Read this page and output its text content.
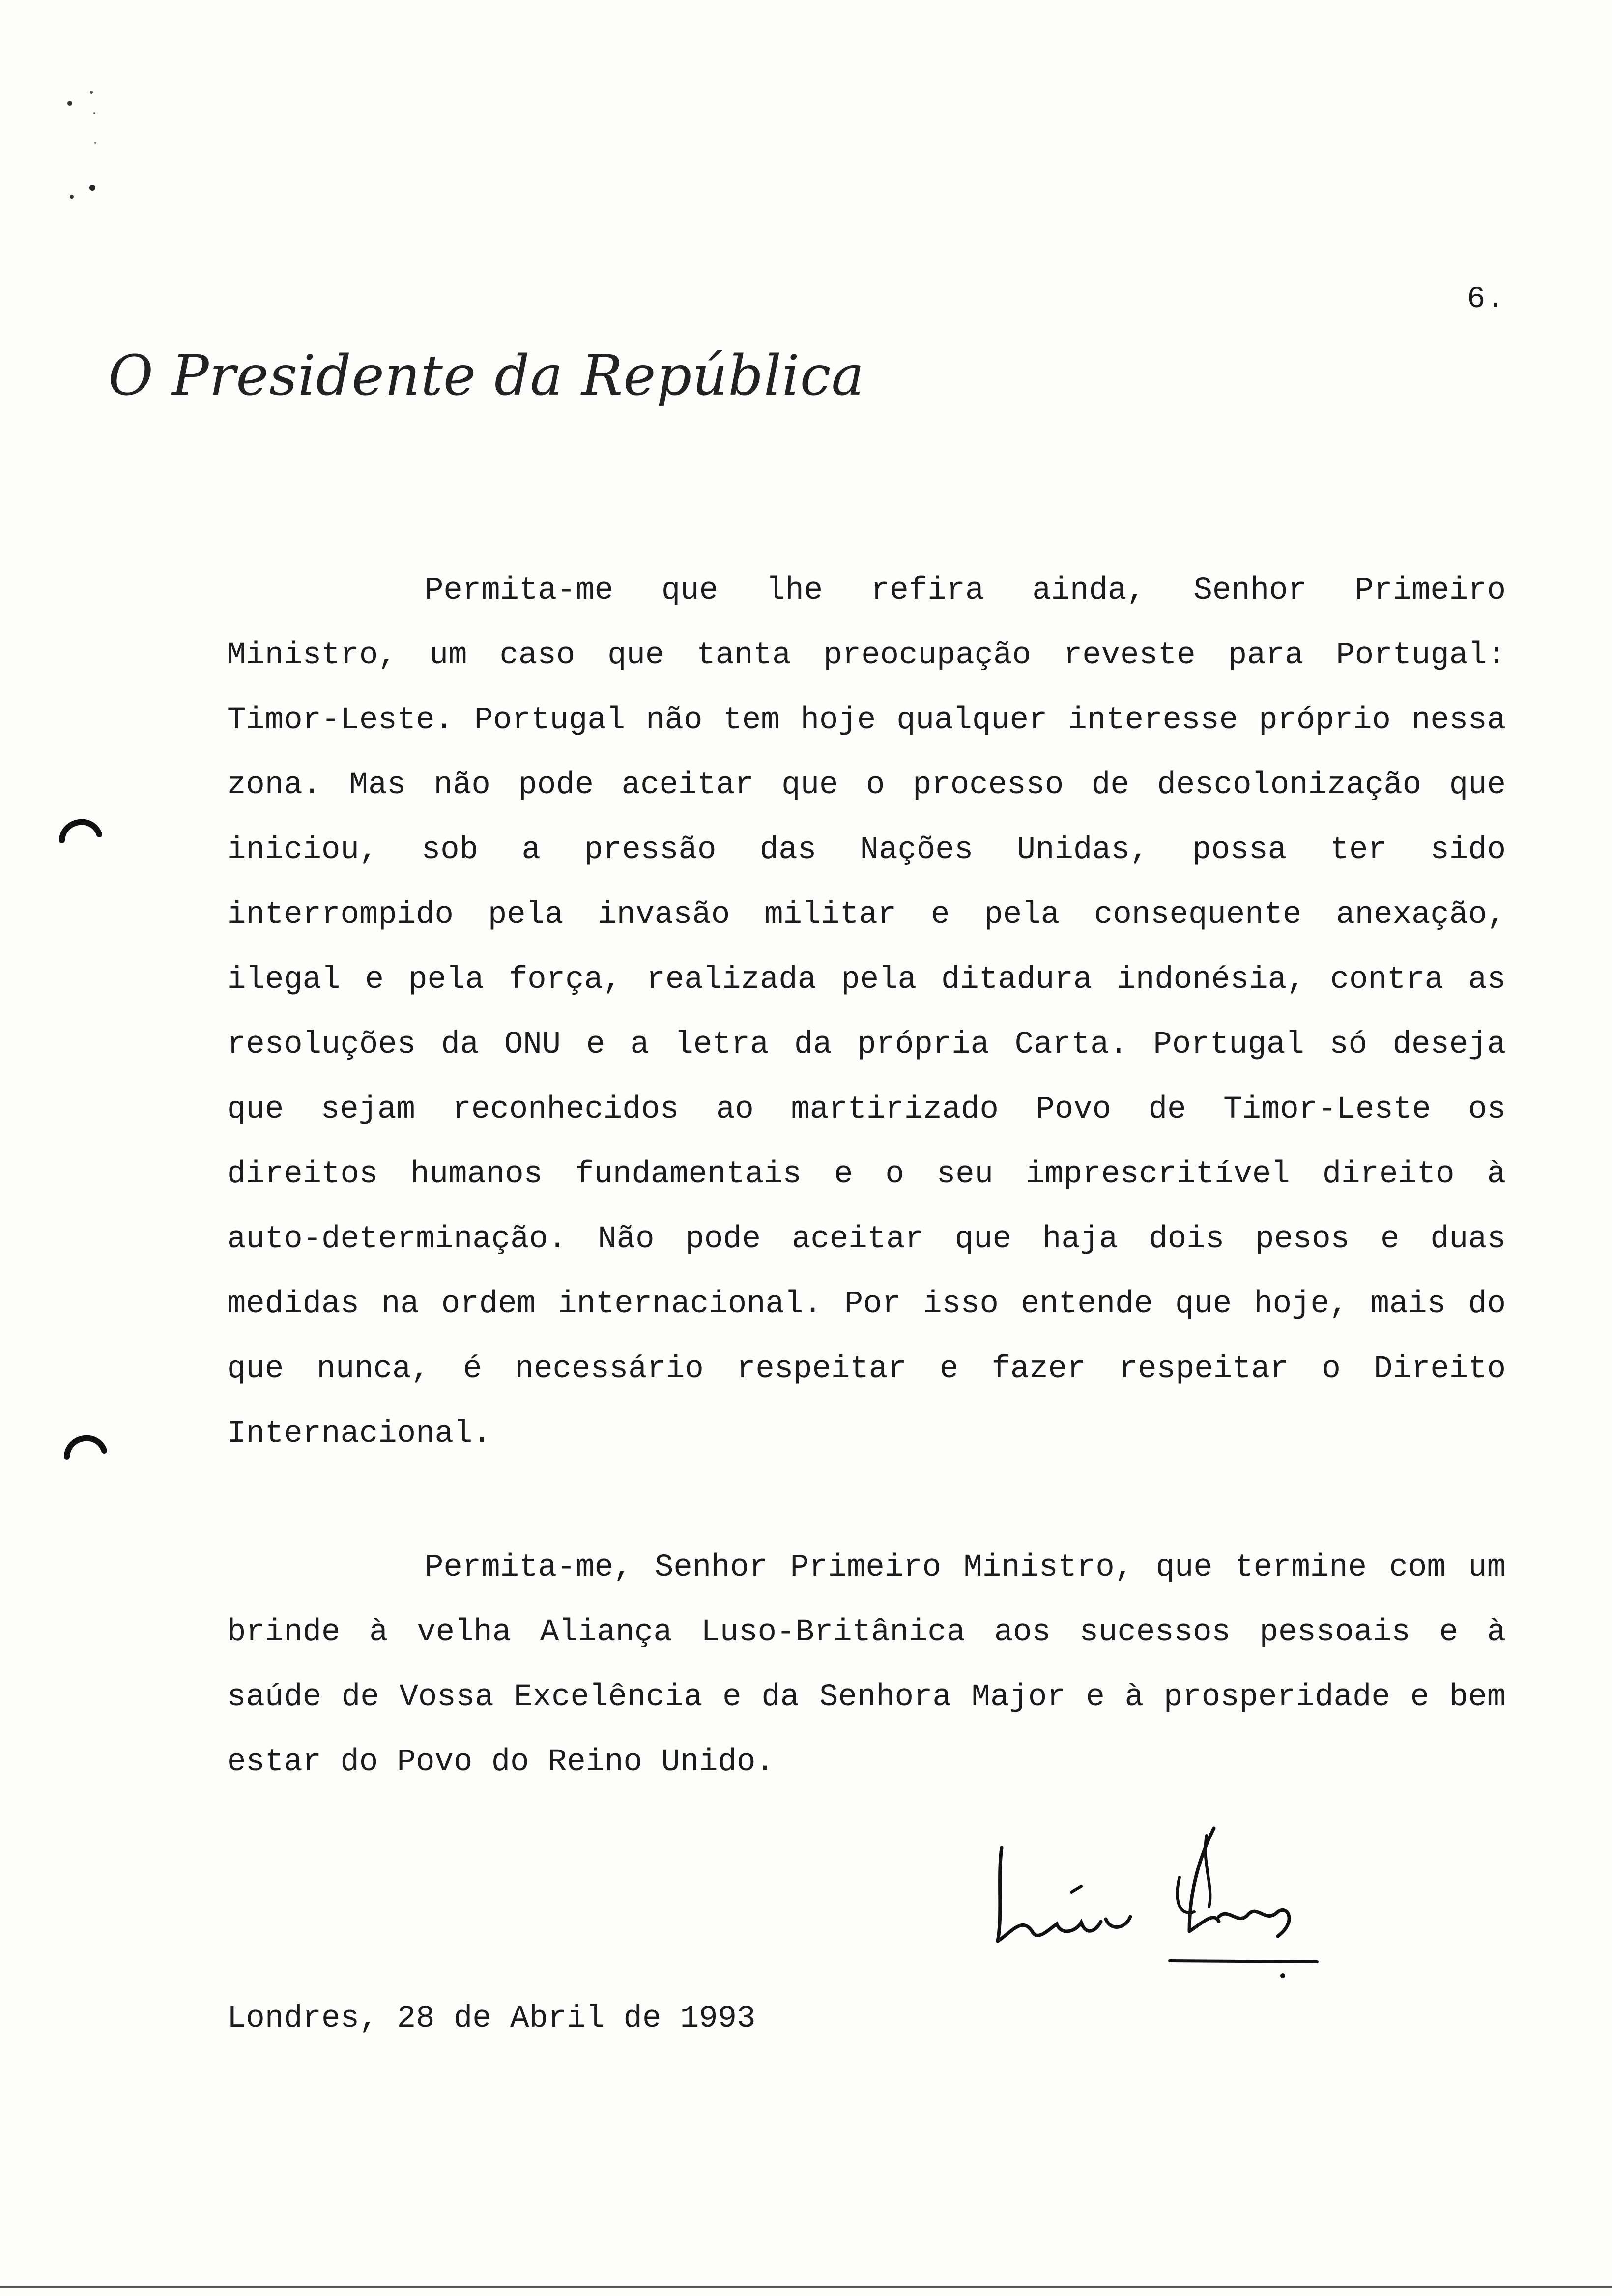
6.
O Presidente da República

Permita-me que lhe refira ainda, Senhor Primeiro Ministro, um caso que tanta preocupação reveste para Portugal: Timor-Leste. Portugal não tem hoje qualquer interesse próprio nessa zona. Mas não pode aceitar que o processo de descolonização que iniciou, sob a pressão das Nações Unidas, possa ter sido interrompido pela invasão militar e pela consequente anexação, ilegal e pela força, realizada pela ditadura indonésia, contra as resoluções da ONU e a letra da própria Carta. Portugal só deseja que sejam reconhecidos ao martirizado Povo de Timor-Leste os direitos humanos fundamentais e o seu imprescritível direito à auto-determinação. Não pode aceitar que haja dois pesos e duas medidas na ordem internacional. Por isso entende que hoje, mais do que nunca, é necessário respeitar e fazer respeitar o Direito Internacional.

Permita-me, Senhor Primeiro Ministro, que termine com um brinde à velha Aliança Luso-Britânica aos sucessos pessoais e à saúde de Vossa Excelência e da Senhora Major e à prosperidade e bem estar do Povo do Reino Unido.

Londres, 28 de Abril de 1993
